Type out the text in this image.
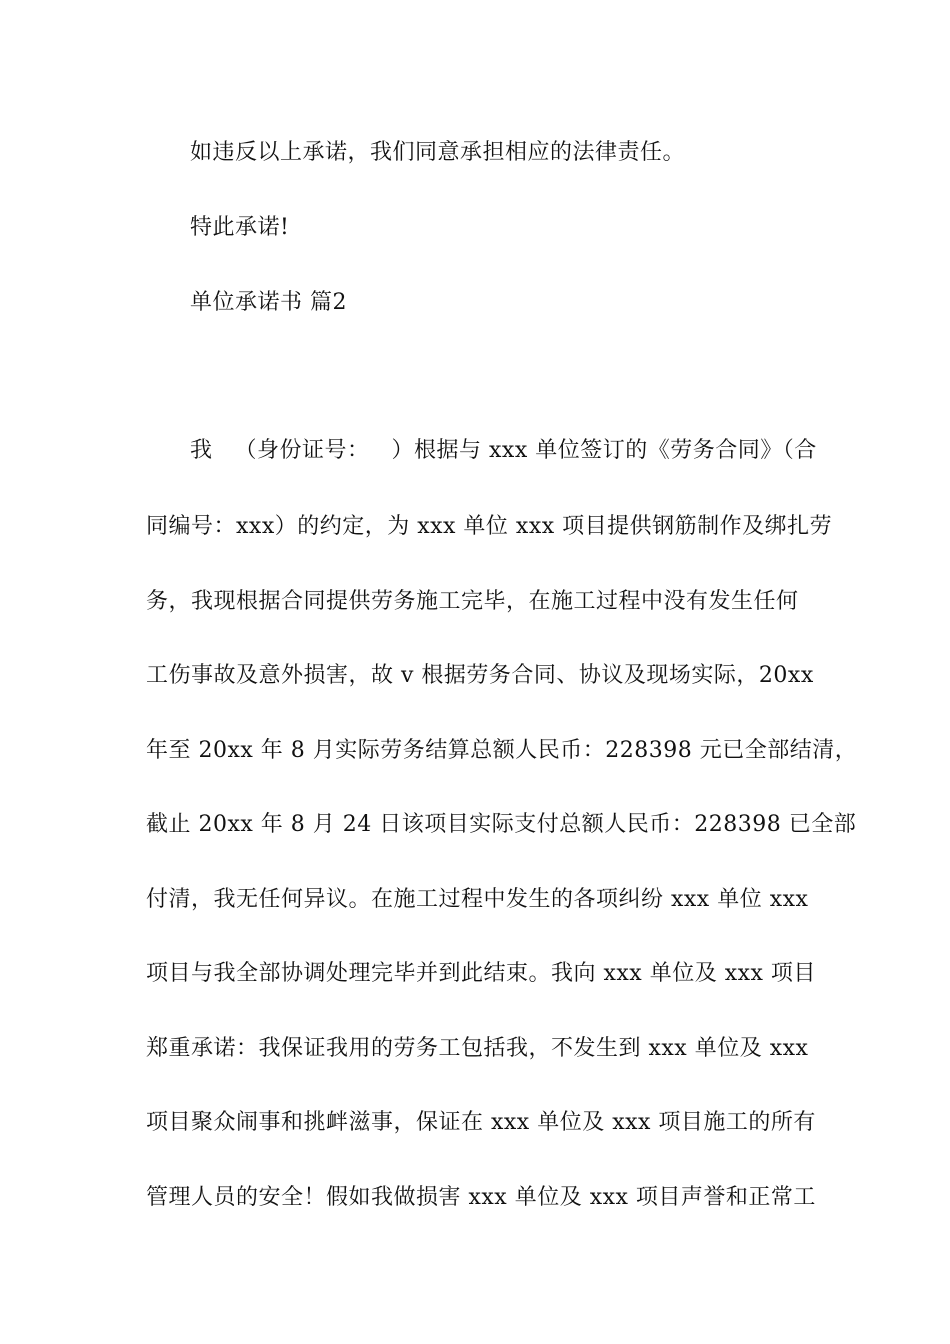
如违反以上承诺，我们同意承担相应的法律责任。
特此承诺!
单位承诺书 篇2
我 （身份证号： ）根据与 xxx 单位签订的《劳务合同》（合
同编号：xxx）的约定，为 xxx 单位 xxx 项目提供钢筋制作及绑扎劳
务，我现根据合同提供劳务施工完毕，在施工过程中没有发生任何
工伤事故及意外损害，故 v 根据劳务合同、协议及现场实际，20xx
年至 20xx 年 8 月实际劳务结算总额人民币：228398 元已全部结清，
截止 20xx 年 8 月 24 日该项目实际支付总额人民币：228398 已全部
付清，我无任何异议。在施工过程中发生的各项纠纷 xxx 单位 xxx
项目与我全部协调处理完毕并到此结束。我向 xxx 单位及 xxx 项目
郑重承诺：我保证我用的劳务工包括我，不发生到 xxx 单位及 xxx
项目聚众闹事和挑衅滋事，保证在 xxx 单位及 xxx 项目施工的所有
管理人员的安全！假如我做损害 xxx 单位及 xxx 项目声誉和正常工
